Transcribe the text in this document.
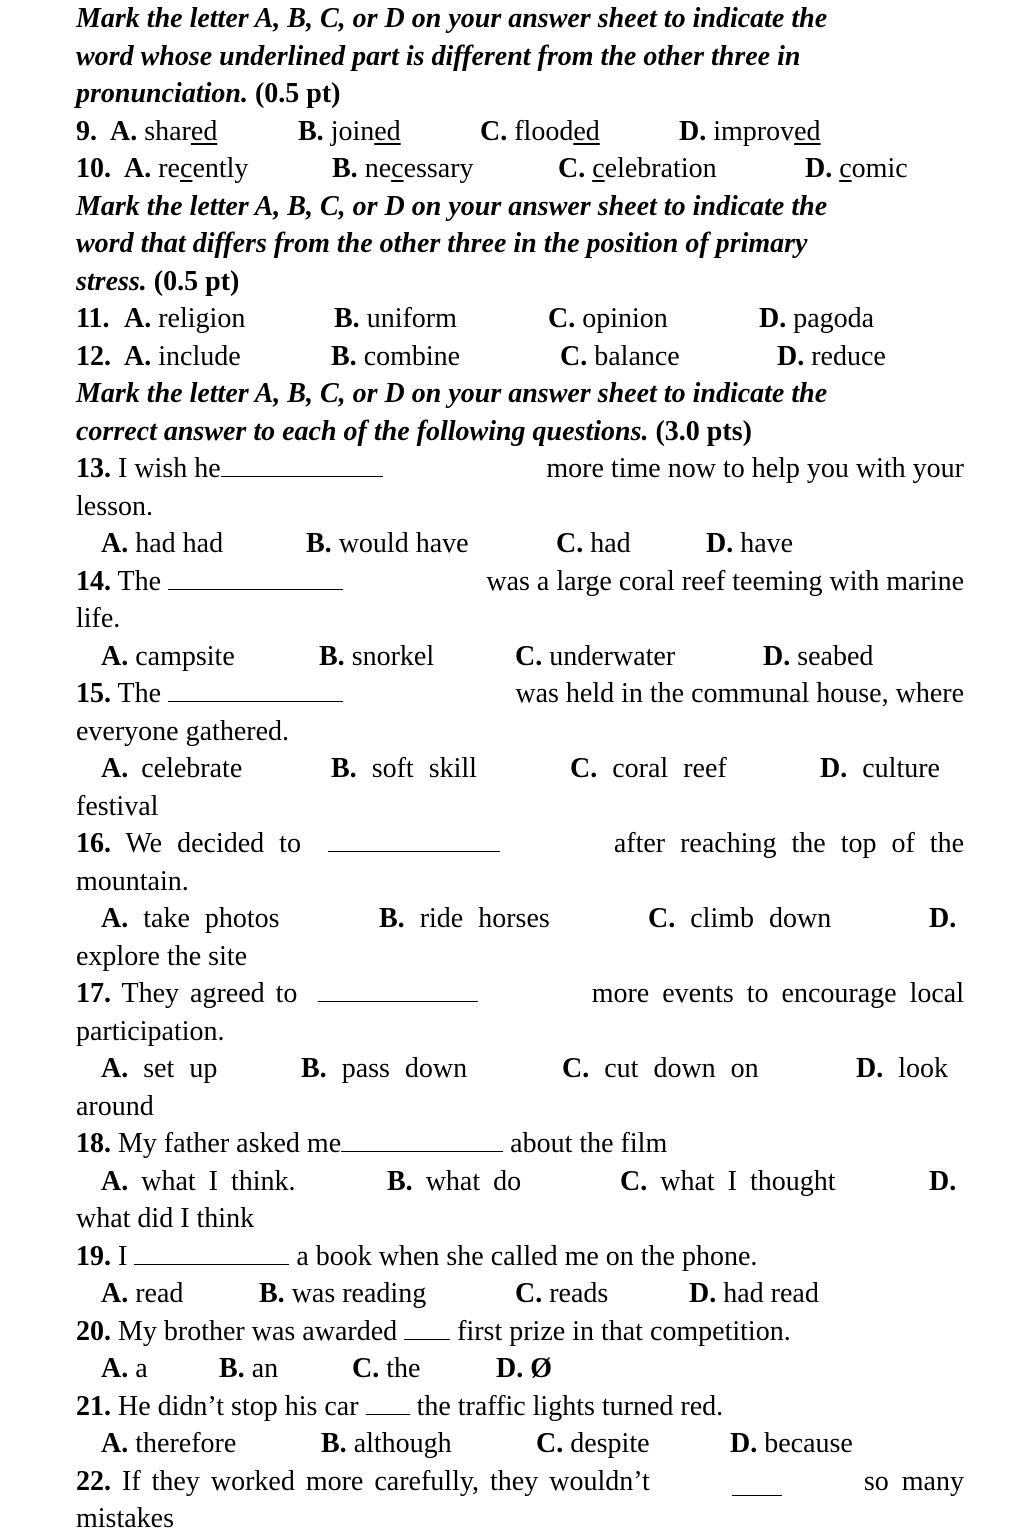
Mark the letter A, B, C, or D on your answer sheet to indicate the
word whose underlined part is different from the other three in
pronunciation. (0.5 pt)
9. A. shared	B. joined	C. flooded	D. improved
10. A. recently	B. necessary	C. celebration	D. comic
Mark the letter A, B, C, or D on your answer sheet to indicate the
word that differs from the other three in the position of primary
stress. (0.5 pt)
11. A. religion	B. uniform	C. opinion	D. pagoda
12. A. include	B. combine	C. balance	D. reduce
Mark the letter A, B, C, or D on your answer sheet to indicate the
correct answer to each of the following questions. (3.0 pts)
13. I wish he	more time now to help you with your
lesson.
A. had had	B. would have	C. had	D. have
14. The	was a large coral reef teeming with marine
life.
A. campsite	B. snorkel	C. underwater	D. seabed
15. The	was held in the communal house, where
everyone gathered.
A. celebrate	B. soft skill	C. coral reef	D. culture
festival
16. We decided to	after reaching the top of the
mountain.
A. take photos	B. ride horses	C. climb down	D.
explore the site
17. They agreed to	more events to encourage local
participation.
A. set up	B. pass down	C. cut down on	D. look
around
18. My father asked me	about the film
A. what I think.	B. what do	C. what I thought	D.
what did I think
19. I	a book when she called me on the phone.
A. read	B. was reading	C. reads	D. had read
20. My brother was awarded first prize in that competition.
A. a	B. an	C. the	D. Ø
21. He didn’t stop his car the traffic lights turned red.
A. therefore	B. although	C. despite	D. because
22. If they worked more carefully, they wouldn’t	so many
mistakes
